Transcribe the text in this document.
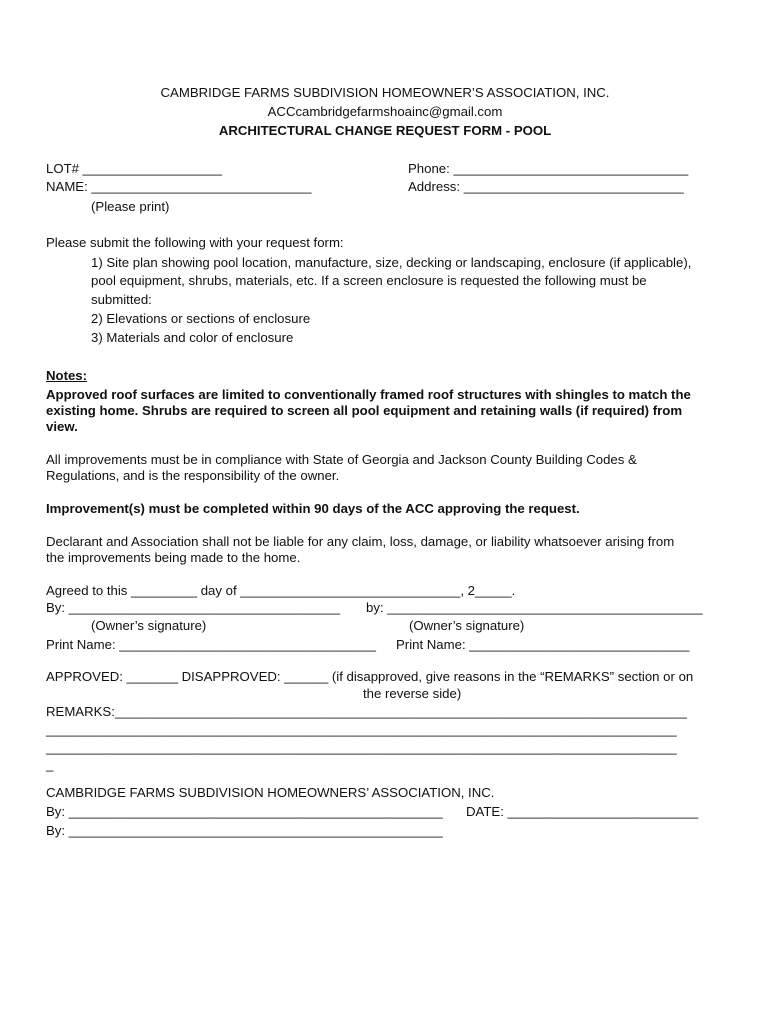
CAMBRIDGE FARMS SUBDIVISION HOMEOWNER’S ASSOCIATION, INC.
ACCcambridgefarmshoainc@gmail.com
ARCHITECTURAL CHANGE REQUEST FORM - POOL
LOT# ___________________	Phone: ________________________________
NAME: ______________________________	Address: ______________________________
(Please print)
Please submit the following with your request form:
1) Site plan showing pool location, manufacture, size, decking or landscaping, enclosure (if applicable),
pool equipment, shrubs, materials, etc. If a screen enclosure is requested the following must be
submitted:
2) Elevations or sections of enclosure
3) Materials and color of enclosure
Notes:
Approved roof surfaces are limited to conventionally framed roof structures with shingles to match the
existing home. Shrubs are required to screen all pool equipment and retaining walls (if required) from
view.
All improvements must be in compliance with State of Georgia and Jackson County Building Codes &
Regulations, and is the responsibility of the owner.
Improvement(s) must be completed within 90 days of the ACC approving the request.
Declarant and Association shall not be liable for any claim, loss, damage, or liability whatsoever arising from
the improvements being made to the home.
Agreed to this _________ day of ______________________________, 2_____.
By: _____________________________________ by: ___________________________________________
(Owner’s signature)	(Owner’s signature)
Print Name: ___________________________________ Print Name: ______________________________
APPROVED: _______ DISAPPROVED: ______ (if disapproved, give reasons in the “REMARKS” section or on
the reverse side)
REMARKS:______________________________________________________________________________
______________________________________________________________________________________
______________________________________________________________________________________
_
CAMBRIDGE FARMS SUBDIVISION HOMEOWNERS’ ASSOCIATION, INC.
By: ___________________________________________________ DATE: __________________________
By: ___________________________________________________
